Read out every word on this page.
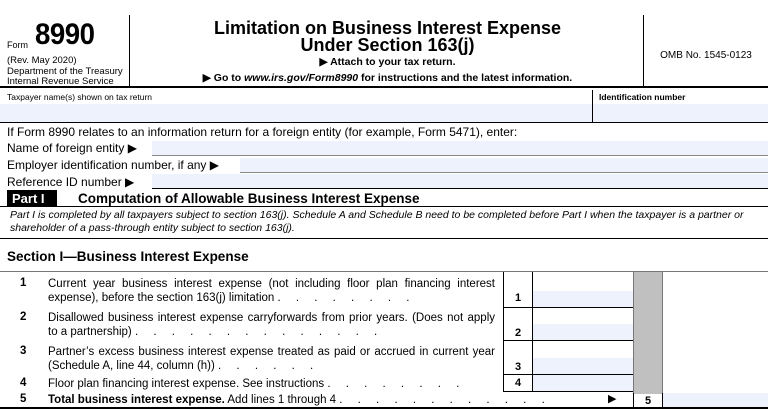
Form 8990
(Rev. May 2020)
Department of the Treasury
Internal Revenue Service
Limitation on Business Interest Expense
Under Section 163(j)
▶ Attach to your tax return.
▶ Go to www.irs.gov/Form8990 for instructions and the latest information.
OMB No. 1545-0123
Taxpayer name(s) shown on tax return	Identification number
If Form 8990 relates to an information return for a foreign entity (for example, Form 5471), enter:
Name of foreign entity ▶
Employer identification number, if any ▶
Reference ID number ▶
Part I	Computation of Allowable Business Interest Expense
Part I is completed by all taxpayers subject to section 163(j). Schedule A and Schedule B need to be completed before Part I when the taxpayer is a partner or shareholder of a pass-through entity subject to section 163(j).
Section I—Business Interest Expense
1 Current year business interest expense (not including floor plan financing interest expense), before the section 163(j) limitation . . . . . . . .	1
2 Disallowed business interest expense carryforwards from prior years. (Does not apply to a partnership) . . . . . . . . . . . . . .	2
3 Partner’s excess business interest expense treated as paid or accrued in current year (Schedule A, line 44, column (h)) . . . . . .	3
4 Floor plan financing interest expense. See instructions . . . . . . . .	4
5 Total business interest expense. Add lines 1 through 4 . . . . . . . . . . . .	▶	5
